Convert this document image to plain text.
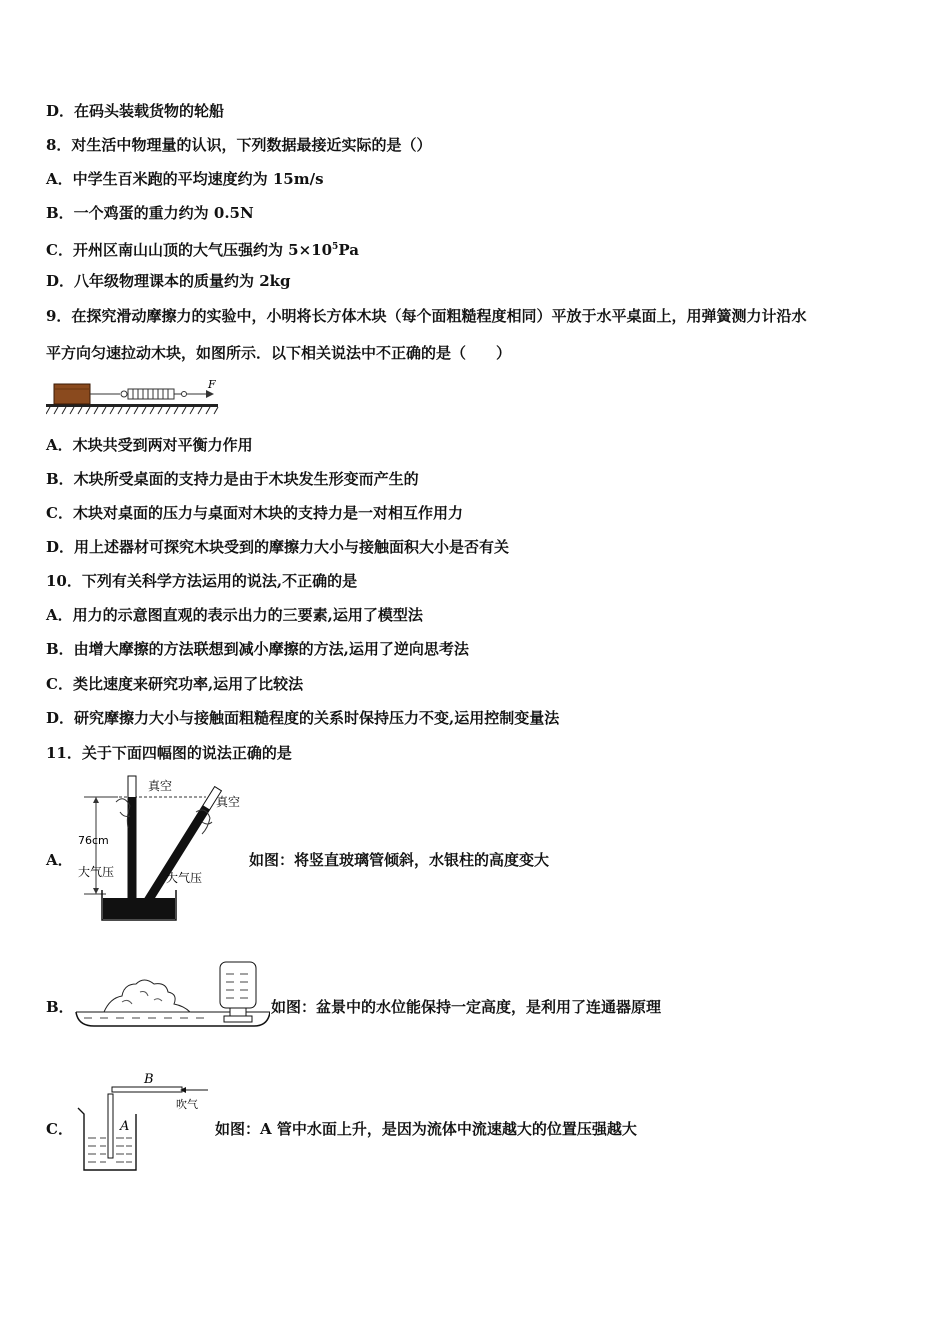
D．在码头装载货物的轮船
8．对生活中物理量的认识，下列数据最接近实际的是（）
A．中学生百米跑的平均速度约为 15m/s
B．一个鸡蛋的重力约为 0.5N
C．开州区南山山顶的大气压强约为 $5\times 10^5Pa$
D．八年级物理课本的质量约为 2kg
9．在探究滑动摩擦力的实验中，小明将长方体木块（每个面粗糙程度相同）平放于水平桌面上，用弹簧测力计沿水
平方向匀速拉动木块，如图所示．以下相关说法中不正确的是（　　）
F
A．木块共受到两对平衡力作用
B．木块所受桌面的支持力是由于木块发生形变而产生的
C．木块对桌面的压力与桌面对木块的支持力是一对相互作用力
D．用上述器材可探究木块受到的摩擦力大小与接触面积大小是否有关
10．下列有关科学方法运用的说法,不正确的是
A．用力的示意图直观的表示出力的三要素,运用了模型法
B．由增大摩擦的方法联想到减小摩擦的方法,运用了逆向思考法
C．类比速度来研究功率,运用了比较法
D．研究摩擦力大小与接触面粗糙程度的关系时保持压力不变,运用控制变量法
11．关于下面四幅图的说法正确的是
A．
76cm
大气压
真空
真空
大气压
如图：将竖直玻璃管倾斜，水银柱的高度变大
B．	如图：盆景中的水位能保持一定高度，是利用了连通器原理
C．
B
吹气
A	如图：A 管中水面上升，是因为流体中流速越大的位置压强越大
